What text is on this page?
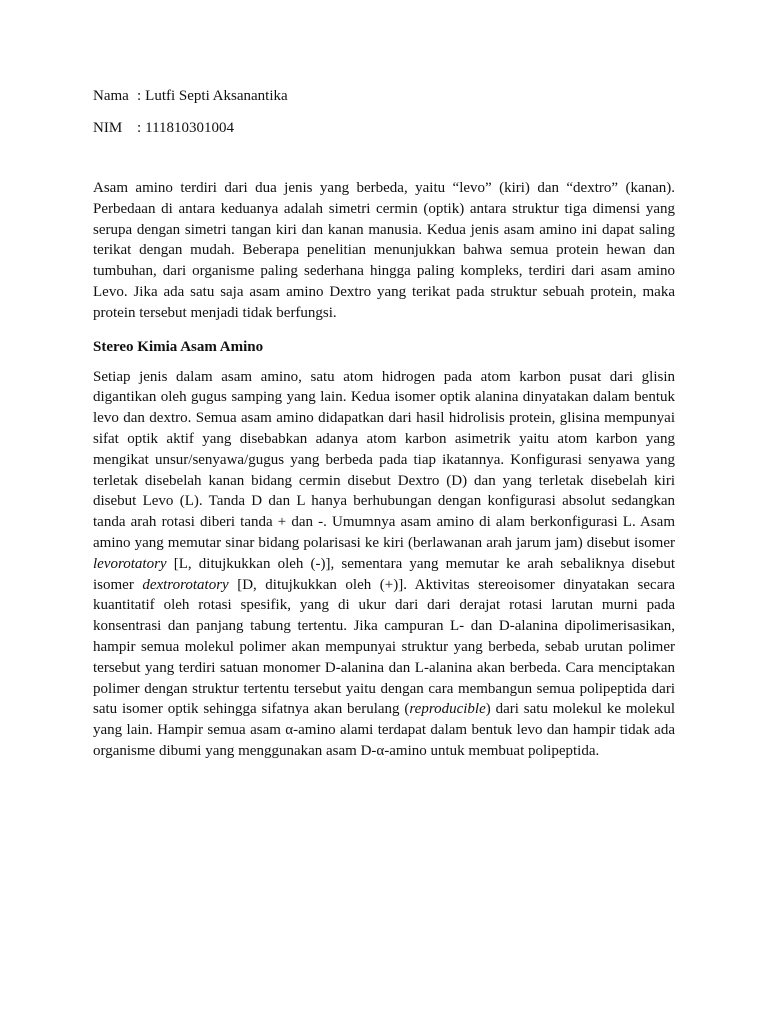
Nama : Lutfi Septi Aksanantika
NIM : 111810301004

Asam amino terdiri dari dua jenis yang berbeda, yaitu “levo” (kiri) dan “dextro” (kanan). Perbedaan di antara keduanya adalah simetri cermin (optik) antara struktur tiga dimensi yang serupa dengan simetri tangan kiri dan kanan manusia. Kedua jenis asam amino ini dapat saling terikat dengan mudah. Beberapa penelitian menunjukkan bahwa semua protein hewan dan tumbuhan, dari organisme paling sederhana hingga paling kompleks, terdiri dari asam amino Levo. Jika ada satu saja asam amino Dextro yang terikat pada struktur sebuah protein, maka protein tersebut menjadi tidak berfungsi.

Stereo Kimia Asam Amino

Setiap jenis dalam asam amino, satu atom hidrogen pada atom karbon pusat dari glisin digantikan oleh gugus samping yang lain. Kedua isomer optik alanina dinyatakan dalam bentuk levo dan dextro. Semua asam amino didapatkan dari hasil hidrolisis protein, glisina mempunyai sifat optik aktif yang disebabkan adanya atom karbon asimetrik yaitu atom karbon yang mengikat unsur/senyawa/gugus yang berbeda pada tiap ikatannya. Konfigurasi senyawa yang terletak disebelah kanan bidang cermin disebut Dextro (D) dan yang terletak disebelah kiri disebut Levo (L). Tanda D dan L hanya berhubungan dengan konfigurasi absolut sedangkan tanda arah rotasi diberi tanda + dan -. Umumnya asam amino di alam berkonfigurasi L. Asam amino yang memutar sinar bidang polarisasi ke kiri (berlawanan arah jarum jam) disebut isomer levorotatory [L, ditujkukkan oleh (-)], sementara yang memutar ke arah sebaliknya disebut isomer dextrorotatory [D, ditujkukkan oleh (+)]. Aktivitas stereoisomer dinyatakan secara kuantitatif oleh rotasi spesifik, yang di ukur dari dari derajat rotasi larutan murni pada konsentrasi dan panjang tabung tertentu. Jika campuran L- dan D-alanina dipolimerisasikan, hampir semua molekul polimer akan mempunyai struktur yang berbeda, sebab urutan polimer tersebut yang terdiri satuan monomer D-alanina dan L-alanina akan berbeda. Cara menciptakan polimer dengan struktur tertentu tersebut yaitu dengan cara membangun semua polipeptida dari satu isomer optik sehingga sifatnya akan berulang (reproducible) dari satu molekul ke molekul yang lain. Hampir semua asam α-amino alami terdapat dalam bentuk levo dan hampir tidak ada organisme dibumi yang menggunakan asam D-α-amino untuk membuat polipeptida.
